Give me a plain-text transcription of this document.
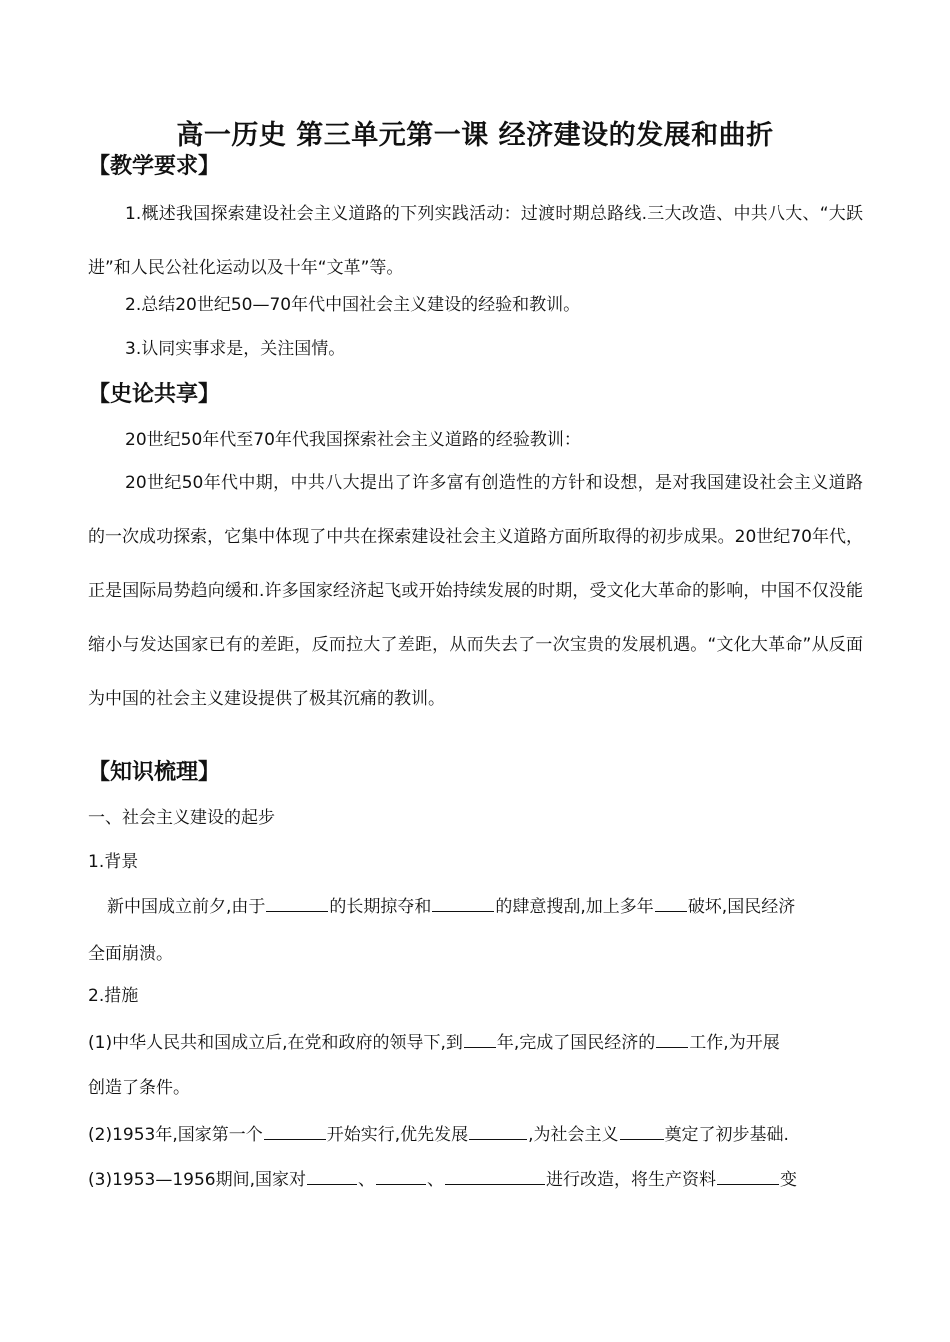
高一历史 第三单元第一课 经济建设的发展和曲折
【教学要求】
1.概述我国探索建设社会主义道路的下列实践活动：过渡时期总路线.三大改造、中共八大、“大跃进”和人民公社化运动以及十年“文革”等。
2.总结20世纪50—70年代中国社会主义建设的经验和教训。
3.认同实事求是，关注国情。
【史论共享】
20世纪50年代至70年代我国探索社会主义道路的经验教训：
20世纪50年代中期，中共八大提出了许多富有创造性的方针和设想，是对我国建设社会主义道路的一次成功探索，它集中体现了中共在探索建设社会主义道路方面所取得的初步成果。20世纪70年代，正是国际局势趋向缓和.许多国家经济起飞或开始持续发展的时期，受文化大革命的影响，中国不仅没能缩小与发达国家已有的差距，反而拉大了差距，从而失去了一次宝贵的发展机遇。“文化大革命”从反面为中国的社会主义建设提供了极其沉痛的教训。
【知识梳理】
一、社会主义建设的起步
1.背景
新中国成立前夕,由于	的长期掠夺和	的肆意搜刮,加上多年 破坏,国民经济
全面崩溃。
2.措施
(1)中华人民共和国成立后,在党和政府的领导下,到 年,完成了国民经济的 工作,为开展
创造了条件。
(2)1953年,国家第一个	开始实行,优先发展	,为社会主义	奠定了初步基础.
(3)1953—1956期间,国家对	、	、	进行改造，将生产资料	变
